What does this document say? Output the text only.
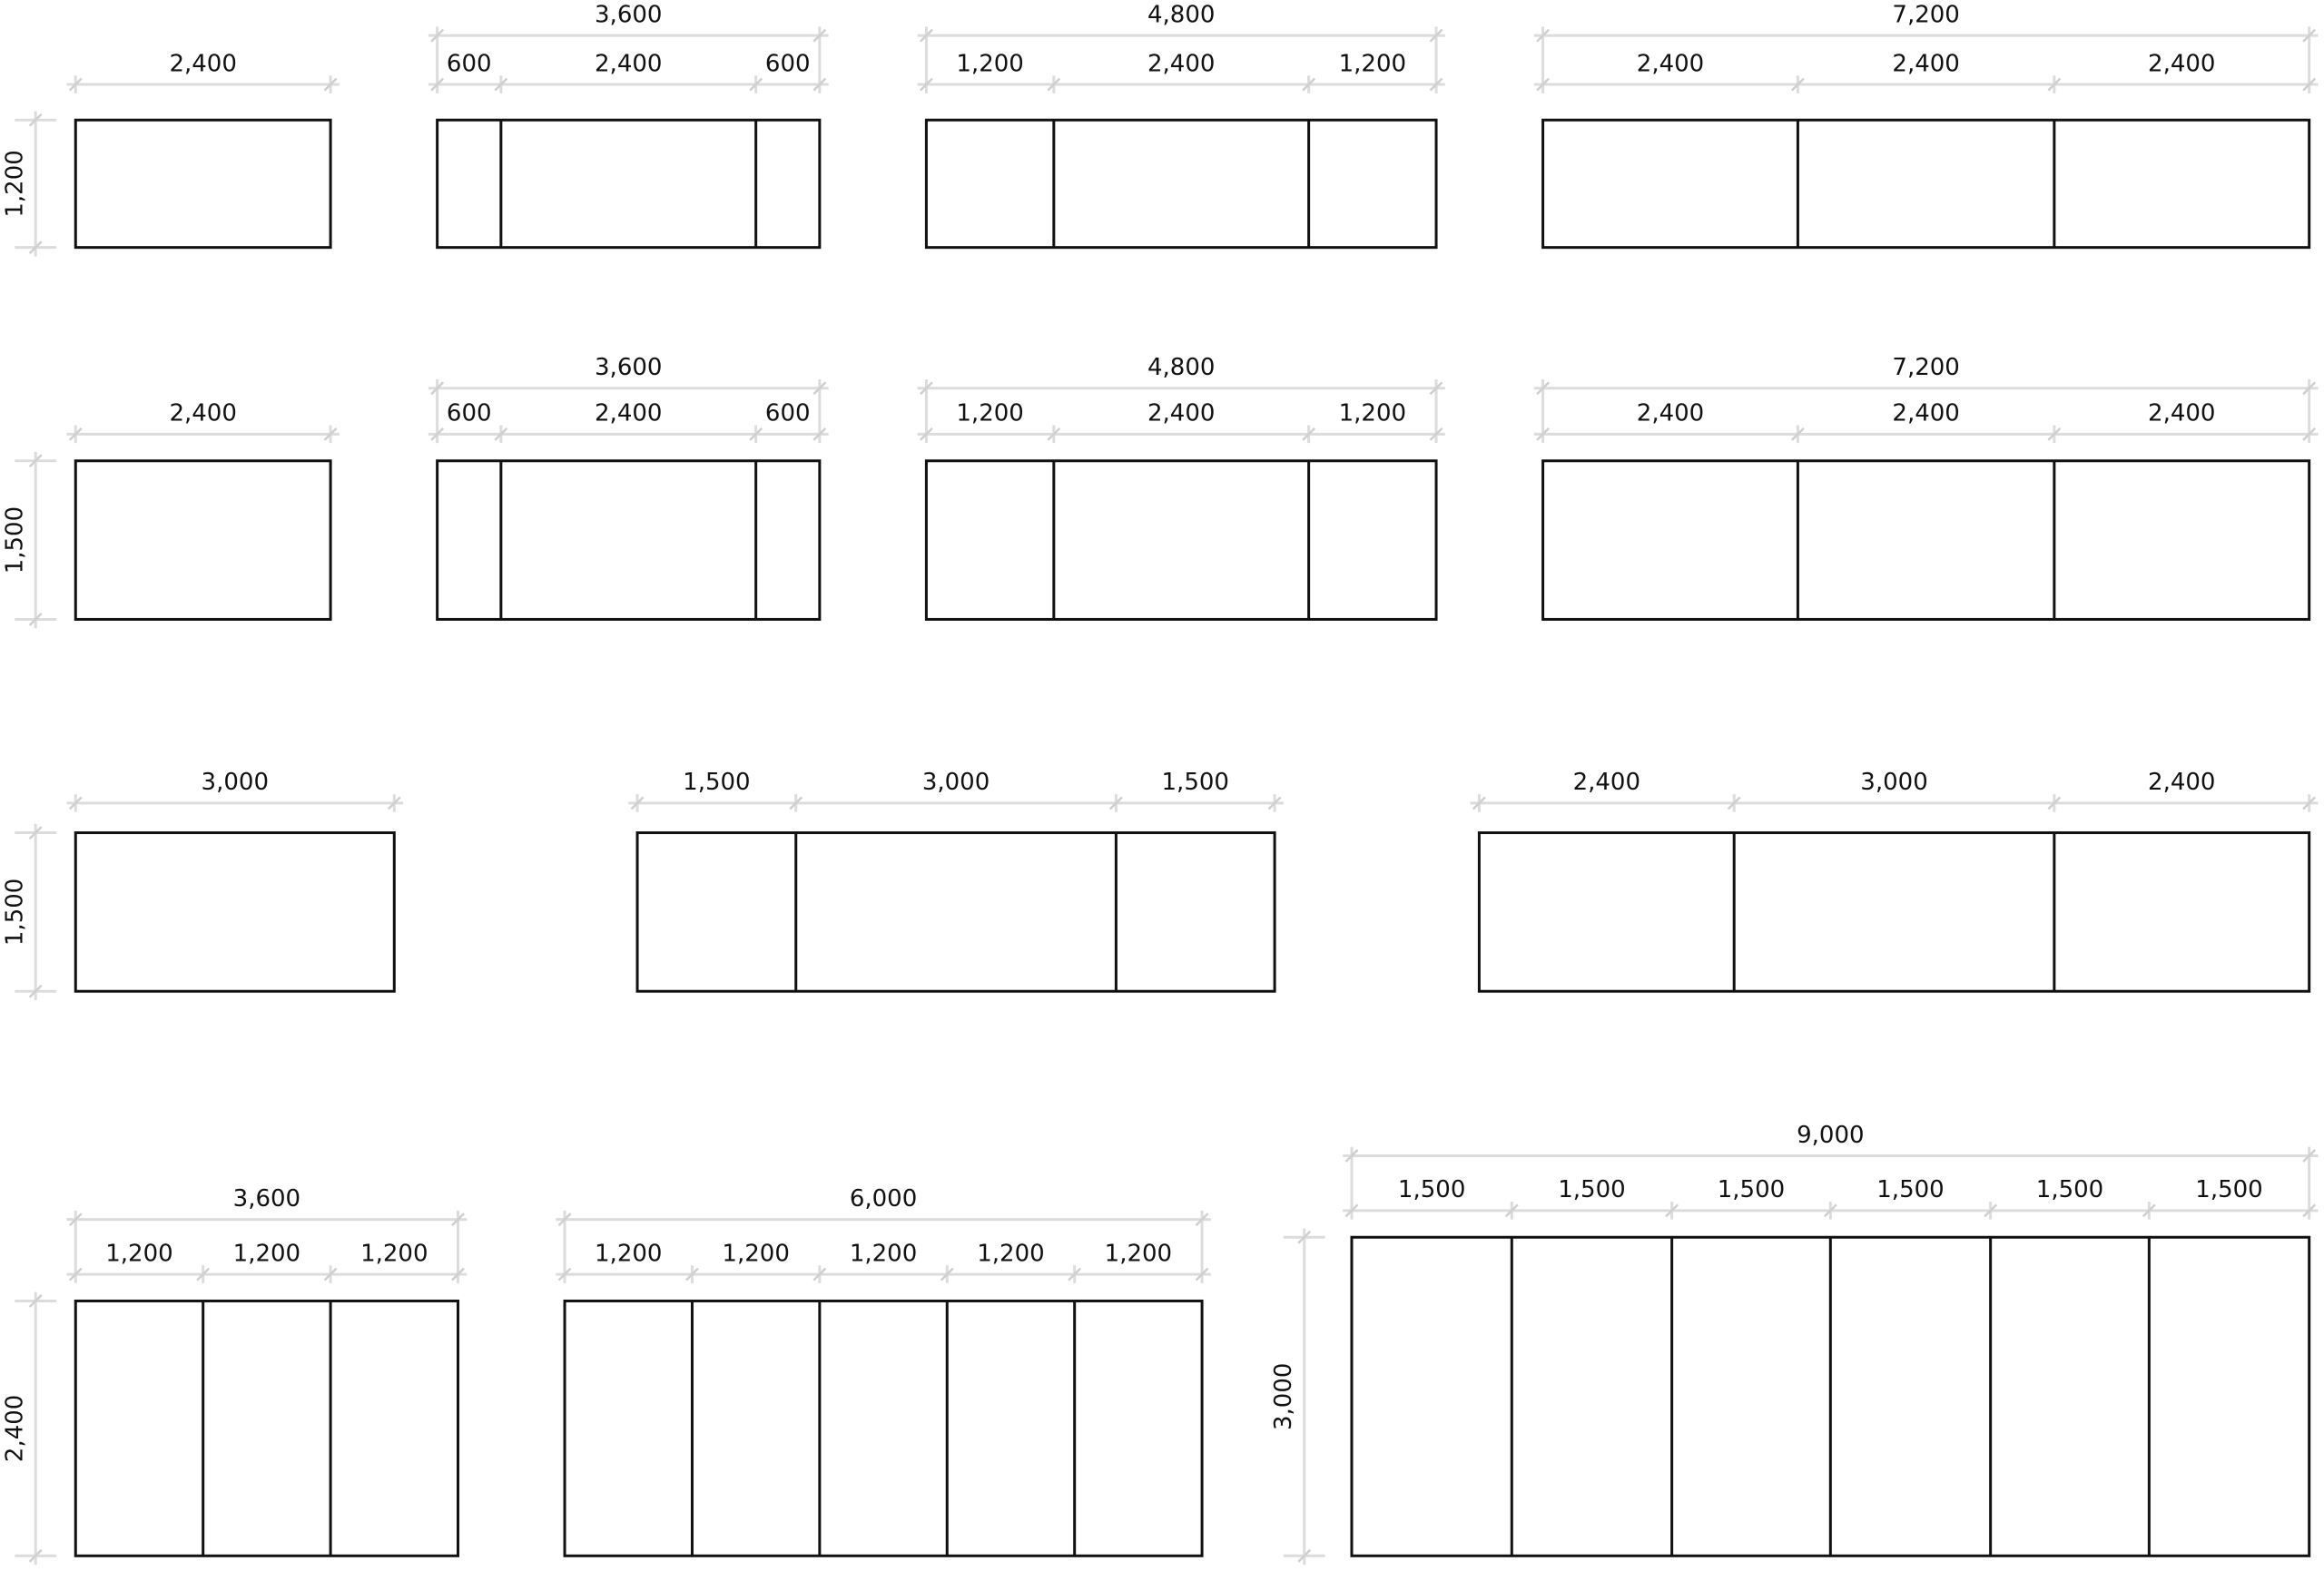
2,400
1,200
600	2,400	600
3,600
1,200	2,400	1,200
4,800
2,400	2,400	2,400
7,200
2,400
1,500
600	2,400	600
3,600
1,200	2,400	1,200
4,800
2,400	2,400	2,400
7,200
3,000
1,500
1,500	3,000	1,500	2,400	3,000	2,400
1,200	1,200	1,200
3,600
2,400
1,200	1,200	1,200	1,200	1,200
6,000	1,500	1,500	1,500	1,500	1,500	1,500
9,000
3,000
